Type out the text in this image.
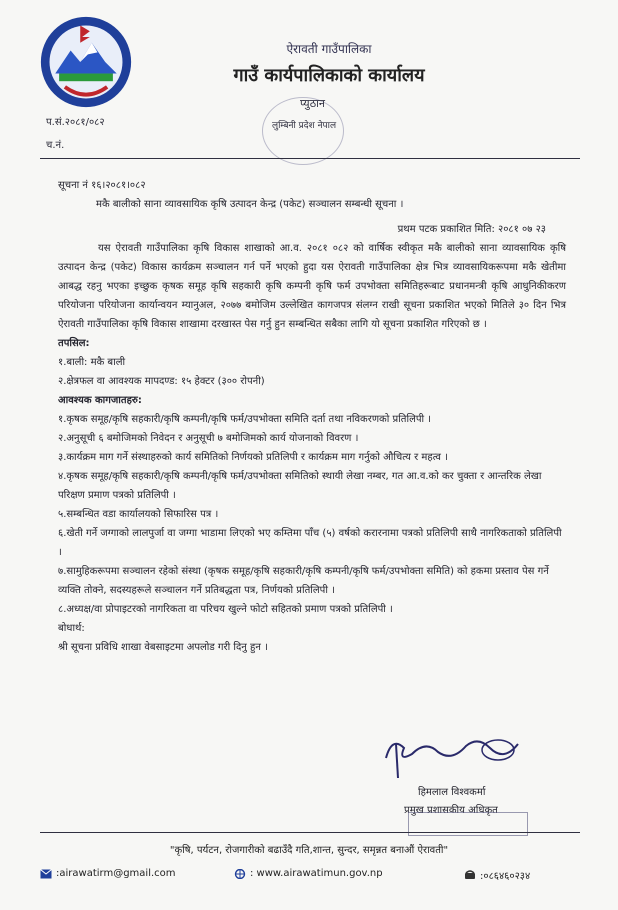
प.सं.२०८१/०८२
च.नं.
ऐरावती गाउँपालिका
गाउँ कार्यपालिकाको कार्यालय
प्युठान
लुम्बिनी प्रदेश नेपाल
सूचना नं १६।२०८१।०८२
मकै बालीको साना व्यावसायिक कृषि उत्पादन केन्द्र (पकेट) सञ्चालन सम्बन्धी सूचना ।
प्रथम पटक प्रकाशित मिति: २०८१ ०७ २३
यस ऐरावती गाउँपालिका कृषि विकास शाखाको आ.व. २०८१ ०८२ को वार्षिक स्वीकृत मकै बालीको साना व्यावसायिक कृषि उत्पादन केन्द्र (पकेट) विकास कार्यक्रम सञ्चालन गर्न पर्ने भएको हुदा यस ऐरावती गाउँपालिका क्षेत्र भित्र व्यावसायिकरूपमा मकै खेतीमा आबद्ध रहनु भएका इच्छुक कृषक समूह कृषि सहकारी कृषि कम्पनी कृषि फर्म उपभोक्ता समितिहरूबाट प्रधानमन्त्री कृषि आधुनिकीकरण परियोजना परियोजना कार्यान्वयन म्यानुअल, २०७७ बमोजिम उल्लेखित कागजपत्र संलग्न राखी सूचना प्रकाशित भएको मितिले ३० दिन भित्र ऐरावती गाउँपालिका कृषि विकास शाखामा दरखास्त पेस गर्नु हुन सम्बन्धित सबैका लागि यो सूचना प्रकाशित गरिएको छ ।
तपसिल:
१.बाली: मकै बाली
२.क्षेत्रफल वा आवश्यक मापदण्ड: १५ हेक्टर (३०० रोपनी)
आवश्यक कागजातहरु:
१.कृषक समूह/कृषि सहकारी/कृषि कम्पनी/कृषि फर्म/उपभोक्ता समिति दर्ता तथा नविकरणको प्रतिलिपी ।
२.अनुसूची ६ बमोजिमको निवेदन र अनुसूची ७ बमोजिमको कार्य योजनाको विवरण ।
३.कार्यक्रम माग गर्ने संस्थाहरुको कार्य समितिको निर्णयको प्रतिलिपी र कार्यक्रम माग गर्नुको औचित्य र महत्व ।
४.कृषक समूह/कृषि सहकारी/कृषि कम्पनी/कृषि फर्म/उपभोक्ता समितिको स्थायी लेखा नम्बर, गत आ.व.को कर चुक्ता र आन्तरिक लेखा परिक्षण प्रमाण पत्रको प्रतिलिपी ।
५.सम्बन्धित वडा कार्यालयको सिफारिस पत्र ।
६.खेती गर्ने जग्गाको लालपुर्जा वा जग्गा भाडामा लिएको भए कम्तिमा पाँच (५) वर्षको करारनामा पत्रको प्रतिलिपी साथै नागरिकताको प्रतिलिपी ।
७.सामुहिकरूपमा सञ्चालन रहेको संस्था (कृषक समूह/कृषि सहकारी/कृषि कम्पनी/कृषि फर्म/उपभोक्ता समिति) को हकमा प्रस्ताव पेस गर्ने व्यक्ति तोक्ने, सदस्यहरूले सञ्चालन गर्ने प्रतिबद्धता पत्र, निर्णयको प्रतिलिपी ।
८.अध्यक्ष/वा प्रोपाइटरको नागरिकता वा परिचय खुल्ने फोटो सहितको प्रमाण पत्रको प्रतिलिपी ।
बोधार्थ:
श्री सूचना प्रविधि शाखा वेबसाइटमा अपलोड गरी दिनु हुन ।
हिमलाल विश्वकर्मा
प्रमुख प्रशासकीय अधिकृत
"कृषि, पर्यटन, रोजगारीको बढाउँदै गति,शान्त, सुन्दर, समृन्नत बनाऔं ऐरावती"
:airawatirm@gmail.com	: www.airawatimun.gov.np	:०८६४६०२३४
